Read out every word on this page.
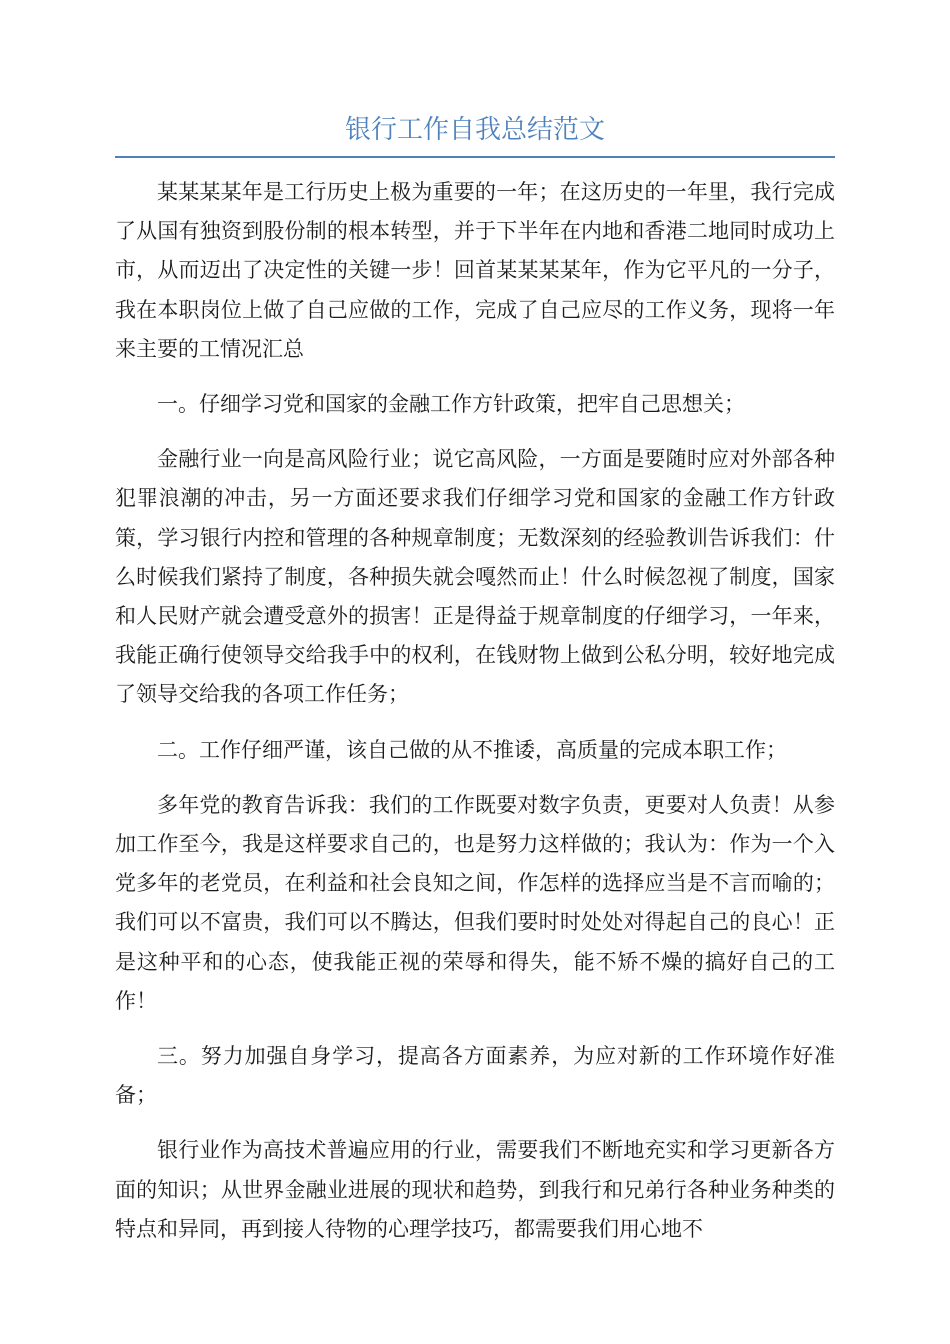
银行工作自我总结范文

某某某某年是工行历史上极为重要的一年；在这历史的一年里，我行完成了从国有独资到股份制的根本转型，并于下半年在内地和香港二地同时成功上市，从而迈出了决定性的关键一步！回首某某某某年，作为它平凡的一分子，我在本职岗位上做了自己应做的工作，完成了自己应尽的工作义务，现将一年来主要的工情况汇总

一。仔细学习党和国家的金融工作方针政策，把牢自己思想关；

金融行业一向是高风险行业；说它高风险，一方面是要随时应对外部各种犯罪浪潮的冲击，另一方面还要求我们仔细学习党和国家的金融工作方针政策，学习银行内控和管理的各种规章制度；无数深刻的经验教训告诉我们：什么时候我们紧持了制度，各种损失就会嘎然而止！什么时候忽视了制度，国家和人民财产就会遭受意外的损害！正是得益于规章制度的仔细学习，一年来，我能正确行使领导交给我手中的权利，在钱财物上做到公私分明，较好地完成了领导交给我的各项工作任务；

二。工作仔细严谨，该自己做的从不推诿，高质量的完成本职工作；

多年党的教育告诉我：我们的工作既要对数字负责，更要对人负责！从参加工作至今，我是这样要求自己的，也是努力这样做的；我认为：作为一个入党多年的老党员，在利益和社会良知之间，作怎样的选择应当是不言而喻的；我们可以不富贵，我们可以不腾达，但我们要时时处处对得起自己的良心！正是这种平和的心态，使我能正视的荣辱和得失，能不矫不燥的搞好自己的工作！

三。努力加强自身学习，提高各方面素养，为应对新的工作环境作好准备；

银行业作为高技术普遍应用的行业，需要我们不断地充实和学习更新各方面的知识；从世界金融业进展的现状和趋势，到我行和兄弟行各种业务种类的特点和异同，再到接人待物的心理学技巧，都需要我们用心地不
